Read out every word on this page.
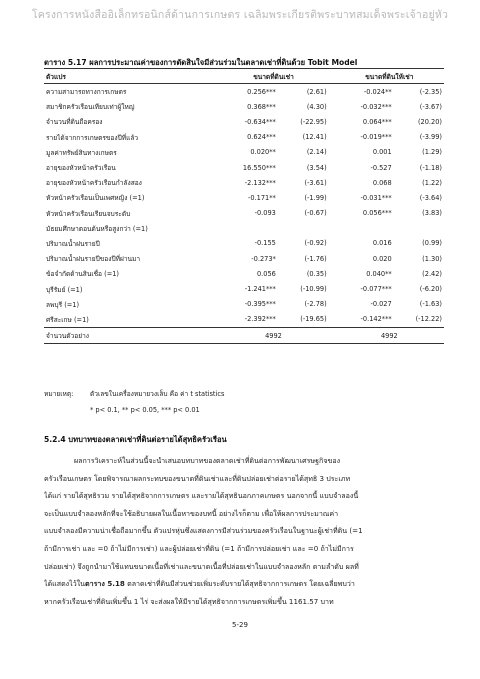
โครงการหนังสืออิเล็กทรอนิกส์ด้านการเกษตร เฉลิมพระเกียรติพระบาทสมเด็จพระเจ้าอยู่หัว
ตาราง 5.17 ผลการประมาณค่าของการตัดสินใจมีส่วนร่วมในตลาดเช่าที่ดินด้วย Tobit Model
ตัวแปร	ขนาดที่ดินเช่า		ขนาดที่ดินให้เช่า	
ความสามารถทางการเกษตร	0.256***	(2.61)	-0.024**	(-2.35)
สมาชิกครัวเรือนเทียบเท่าผู้ใหญ่	0.368***	(4.30)	-0.032***	(-3.67)
จำนวนที่ดินถือครอง	-0.634***	(-22.95)	0.064***	(20.20)
รายได้จากการเกษตรของปีที่แล้ว	0.624***	(12.41)	-0.019***	(-3.99)
มูลค่าทรัพย์สินทางเกษตร	0.020**	(2.14)	0.001	(1.29)
อายุของหัวหน้าครัวเรือน	16.550***	(3.54)	-0.527	(-1.18)
อายุของหัวหน้าครัวเรือนกำลังสอง	-2.132***	(-3.61)	0.068	(1.22)
หัวหน้าครัวเรือนเป็นเพศหญิง (=1)	-0.171**	(-1.99)	-0.031***	(-3.64)
หัวหน้าครัวเรือนเรียนจบระดับ	-0.093	(-0.67)	0.056***	(3.83)
มัธยมศึกษาตอนต้นหรือสูงกว่า (=1)				
ปริมาณน้ำฝนรายปี	-0.155	(-0.92)	0.016	(0.99)
ปริมาณน้ำฝนรายปีของปีที่ผ่านมา	-0.273*	(-1.76)	0.020	(1.30)
ข้อจำกัดด้านสินเชื่อ (=1)	0.056	(0.35)	0.040**	(2.42)
บุรีรัมย์ (=1)	-1.241***	(-10.99)	-0.077***	(-6.20)
ลพบุรี (=1)	-0.395***	(-2.78)	-0.027	(-1.63)
ศรีสะเกษ (=1)	-2.392***	(-19.65)	-0.142***	(-12.22)
จำนวนตัวอย่าง	4992		4992	
หมายเหตุ:	ตัวเลขในเครื่องหมายวงเล็บ คือ ค่า t statistics
* p< 0.1, ** p< 0.05, *** p< 0.01
5.2.4 บทบาทของตลาดเช่าที่ดินต่อรายได้สุทธิครัวเรือน
ผลการวิเคราะห์ในส่วนนี้จะนำเสนอบทบาทของตลาดเช่าที่ดินต่อการพัฒนาเศรษฐกิจของ
ครัวเรือนเกษตร โดยพิจารณาผลกระทบของขนาดที่ดินเช่าและที่ดินปล่อยเช่าต่อรายได้สุทธิ 3 ประเภท
ได้แก่ รายได้สุทธิรวม รายได้สุทธิจากการเกษตร และรายได้สุทธินอกภาคเกษตร นอกจากนี้ แบบจำลองนี้
จะเป็นแบบจำลองหลักที่จะใช้อธิบายผลในเนื้อหาของบทนี้ อย่างไรก็ตาม เพื่อให้ผลการประมาณค่า
แบบจำลองมีความน่าเชื่อถือมากขึ้น ตัวแปรหุ่นซึ่งแสดงการมีส่วนร่วมของครัวเรือนในฐานะผู้เช่าที่ดิน (=1
ถ้ามีการเช่า และ =0 ถ้าไม่มีการเช่า) และผู้ปล่อยเช่าที่ดิน (=1 ถ้ามีการปล่อยเช่า และ =0 ถ้าไม่มีการ
ปล่อยเช่า) จึงถูกนำมาใช้แทนขนาดเนื้อที่เช่าและขนาดเนื้อที่ปล่อยเช่าในแบบจำลองหลัก ตามลำดับ ผลที่
ได้แสดงไว้ในตาราง 5.18 ตลาดเช่าที่ดินมีส่วนช่วยเพิ่มระดับรายได้สุทธิจากการเกษตร โดยเฉลี่ยพบว่า
หากครัวเรือนเช่าที่ดินเพิ่มขึ้น 1 ไร่ จะส่งผลให้มีรายได้สุทธิจากการเกษตรเพิ่มขึ้น 1161.57 บาท
5-29
